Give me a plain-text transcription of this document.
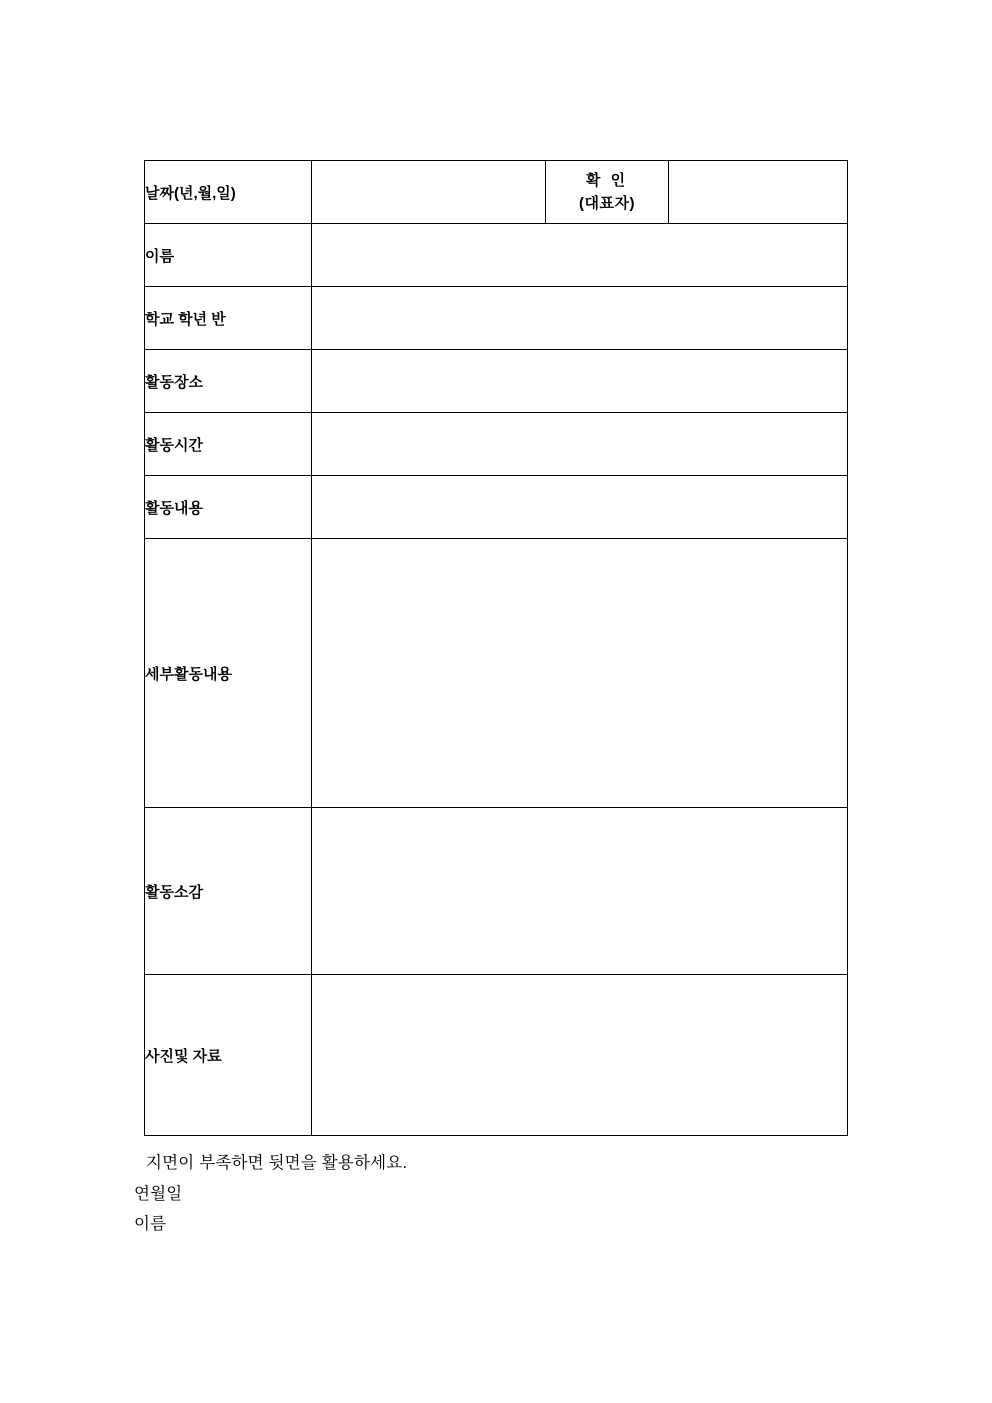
날짜(년,월,일)		확 인
(대표자)	

이름			
학교 학년 반			
활동장소			
활동시간			
활동내용			
세부활동내용			
활동소감			
사진및 자료			
지면이 부족하면 뒷면을 활용하세요.
연월일
이름
